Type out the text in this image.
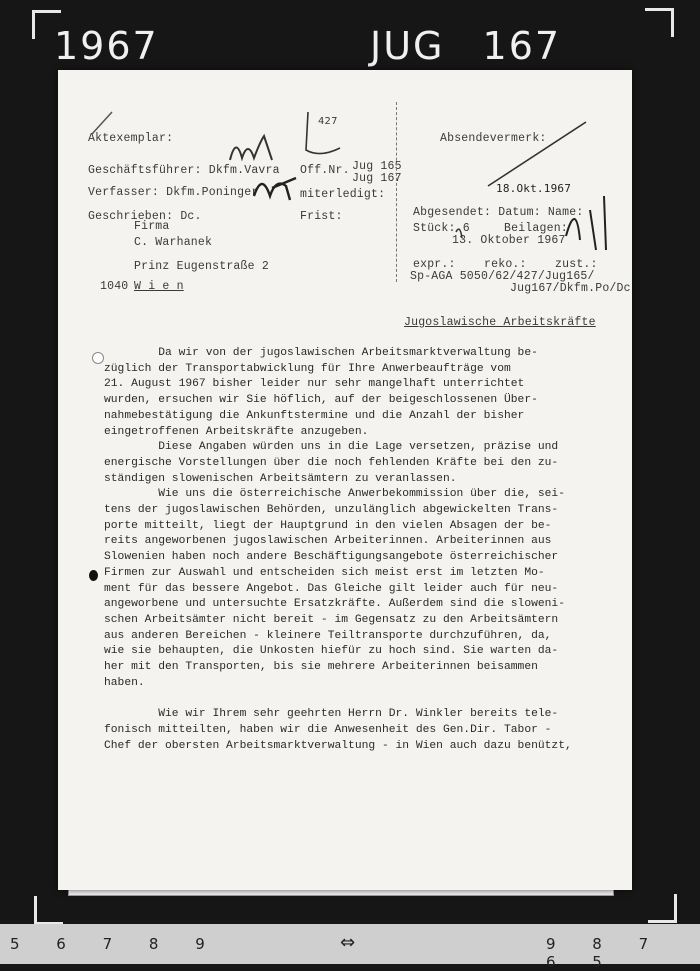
1967	JUG 167
Aktexemplar:
Geschäftsführer: Dkfm.Vavra
Verfasser: Dkfm.Poninger
Geschrieben: Dc.
Off.Nr. Jug 165
Jug 167
miterledigt:
Frist:
427
Absendevermerk:
18.Okt.1967
Abgesendet: Datum: Name:
Stück: 6	Beilagen:
13. Oktober 1967
expr.:    reko.:    zust.:
Sp-AGA 5050/62/427/Jug165/
Jug167/Dkfm.Po/Dc
Firma
C. Warhanek
Prinz Eugenstraße 2
1040 W i e n
Jugoslawische Arbeitskräfte
Da wir von der jugoslawischen Arbeitsmarktverwaltung be-
züglich der Transportabwicklung für Ihre Anwerbeaufträge vom
21. August 1967 bisher leider nur sehr mangelhaft unterrichtet
wurden, ersuchen wir Sie höflich, auf der beigeschlossenen Über-
nahmebestätigung die Ankunftstermine und die Anzahl der bisher
eingetroffenen Arbeitskräfte anzugeben.
Diese Angaben würden uns in die Lage versetzen, präzise und
energische Vorstellungen über die noch fehlenden Kräfte bei den zu-
ständigen slowenischen Arbeitsämtern zu veranlassen.
Wie uns die österreichische Anwerbekommission über die, sei-
tens der jugoslawischen Behörden, unzulänglich abgewickelten Trans-
porte mitteilt, liegt der Hauptgrund in den vielen Absagen der be-
reits angeworbenen jugoslawischen Arbeiterinnen. Arbeiterinnen aus
Slowenien haben noch andere Beschäftigungsangebote österreichischer
Firmen zur Auswahl und entscheiden sich meist erst im letzten Mo-
ment für das bessere Angebot. Das Gleiche gilt leider auch für neu-
angeworbene und untersuchte Ersatzkräfte. Außerdem sind die sloweni-
schen Arbeitsämter nicht bereit - im Gegensatz zu den Arbeitsämtern
aus anderen Bereichen - kleinere Teiltransporte durchzuführen, da,
wie sie behaupten, die Unkosten hiefür zu hoch sind. Sie warten da-
her mit den Transporten, bis sie mehrere Arbeiterinnen beisammen
haben.

Wie wir Ihrem sehr geehrten Herrn Dr. Winkler bereits tele-
fonisch mitteilten, haben wir die Anwesenheit des Gen.Dir. Tabor -
Chef der obersten Arbeitsmarktverwaltung - in Wien auch dazu benützt,
5 6 7 8 9	⇔	9 8 7 6 5
